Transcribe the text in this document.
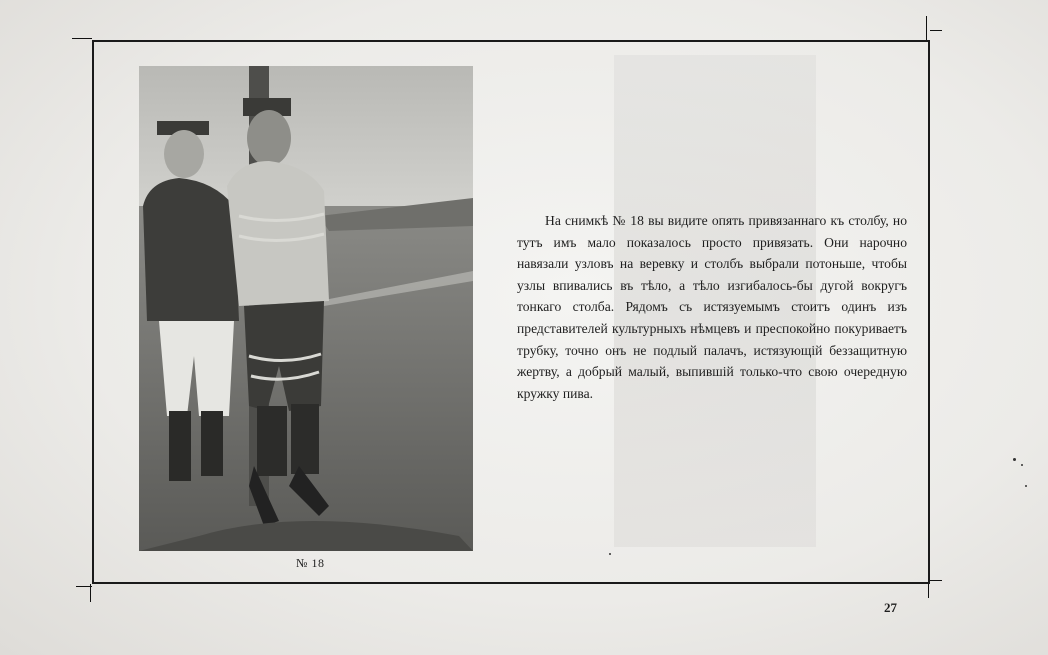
№ 18

На снимкѣ № 18 вы видите опять привязаннаго къ столбу, но тутъ имъ мало показалось просто привязать. Они нарочно навязали узловъ на веревку и столбъ выбрали потоньше, чтобы узлы впивались въ тѣло, а тѣло изгибалось-бы дугой вокругъ тонкаго столба. Рядомъ съ истязуемымъ стоитъ одинъ изъ представителей культурныхъ нѣмцевъ и преспокойно покуриваетъ трубку, точно онъ не подлый палачъ, истязующій беззащитную жертву, а добрый малый, выпившій только-что свою очередную кружку пива.

27
